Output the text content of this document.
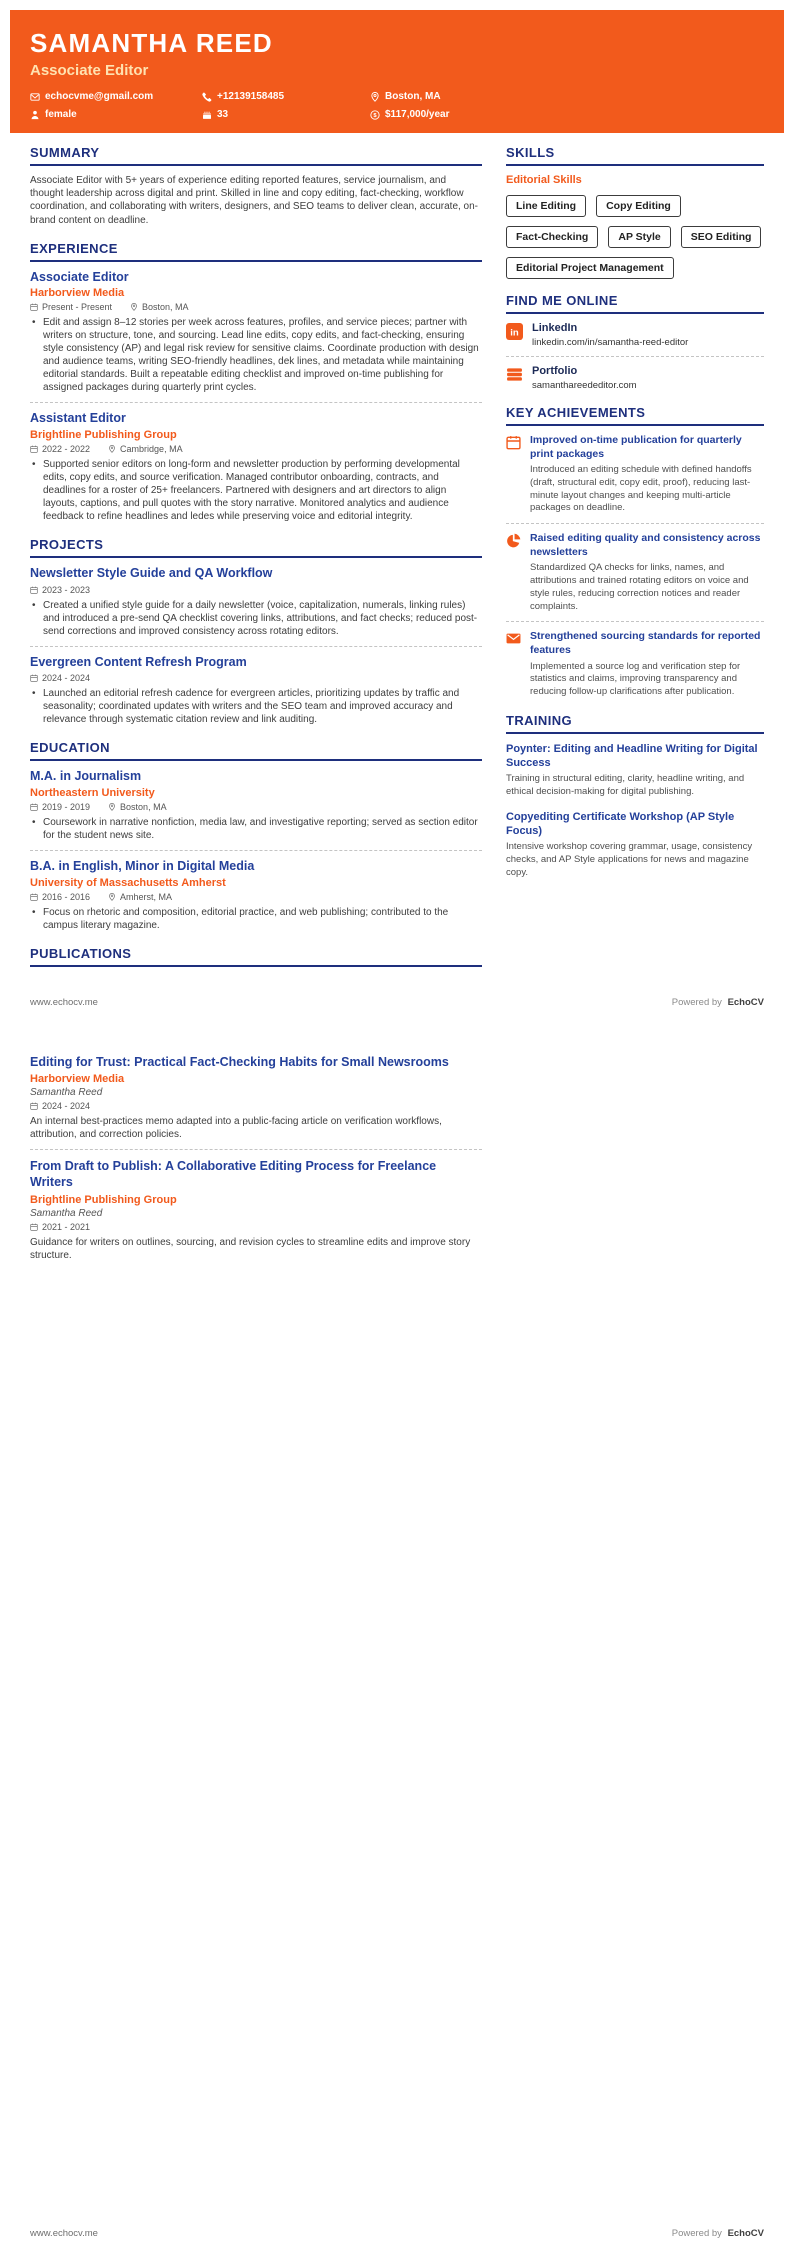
SAMANTHA REED
Associate Editor
echocvme@gmail.com	+12139158485	Boston, MA
female	33	$ $117,000/year
SUMMARY

Associate Editor with 5+ years of experience editing reported features, service journalism, and thought leadership across digital and print. Skilled in line and copy editing, fact-checking, workflow coordination, and collaborating with writers, designers, and SEO teams to deliver clean, accurate, on-brand content on deadline.

EXPERIENCE
Associate Editor
Harborview Media
Present - Present	Boston, MA
• Edit and assign 8–12 stories per week across features, profiles, and service pieces; partner with writers on structure, tone, and sourcing. Lead line edits, copy edits, and fact-checking, ensuring style consistency (AP) and legal risk review for sensitive claims. Coordinate production with design and audience teams, writing SEO-friendly headlines, dek lines, and metadata while maintaining editorial standards. Built a repeatable editing checklist and improved on-time publishing for assigned packages during quarterly print cycles.
Assistant Editor
Brightline Publishing Group
2022 - 2022	Cambridge, MA
• Supported senior editors on long-form and newsletter production by performing developmental edits, copy edits, and source verification. Managed contributor onboarding, contracts, and deadlines for a roster of 25+ freelancers. Partnered with designers and art directors to align layouts, captions, and pull quotes with the story narrative. Monitored analytics and audience feedback to refine headlines and ledes while preserving voice and editorial integrity.
PROJECTS
Newsletter Style Guide and QA Workflow
2023 - 2023
• Created a unified style guide for a daily newsletter (voice, capitalization, numerals, linking rules) and introduced a pre-send QA checklist covering links, attributions, and fact checks; reduced post-send corrections and improved consistency across rotating editors.
Evergreen Content Refresh Program
2024 - 2024
• Launched an editorial refresh cadence for evergreen articles, prioritizing updates by traffic and seasonality; coordinated updates with writers and the SEO team and improved accuracy and relevance through systematic citation review and link auditing.
EDUCATION
M.A. in Journalism
Northeastern University
2019 - 2019	Boston, MA
• Coursework in narrative nonfiction, media law, and investigative reporting; served as section editor for the student news site.
B.A. in English, Minor in Digital Media
University of Massachusetts Amherst
2016 - 2016	Amherst, MA
• Focus on rhetoric and composition, editorial practice, and web publishing; contributed to the campus literary magazine.
PUBLICATIONS
SKILLS
Editorial Skills
Line Editing	Copy Editing
Fact-Checking	AP Style	SEO Editing
Editorial Project Management
FIND ME ONLINE
in LinkedIn
linkedin.com/in/samantha-reed-editor
Portfolio
samanthareededitor.com
KEY ACHIEVEMENTS
Improved on-time publication for quarterly print packages
Introduced an editing schedule with defined handoffs (draft, structural edit, copy edit, proof), reducing last-minute layout changes and keeping multi-article packages on deadline.
Raised editing quality and consistency across newsletters
Standardized QA checks for links, names, and attributions and trained rotating editors on voice and style rules, reducing correction notices and reader complaints.
Strengthened sourcing standards for reported features
Implemented a source log and verification step for statistics and claims, improving transparency and reducing follow-up clarifications after publication.
TRAINING
Poynter: Editing and Headline Writing for Digital Success
Training in structural editing, clarity, headline writing, and ethical decision-making for digital publishing.
Copyediting Certificate Workshop (AP Style Focus)
Intensive workshop covering grammar, usage, consistency checks, and AP Style applications for news and magazine copy.
www.echocv.me	Powered by EchoCV
Editing for Trust: Practical Fact-Checking Habits for Small Newsrooms
Harborview Media
Samantha Reed
2024 - 2024
An internal best-practices memo adapted into a public-facing article on verification workflows, attribution, and correction policies.
From Draft to Publish: A Collaborative Editing Process for Freelance Writers
Brightline Publishing Group
Samantha Reed
2021 - 2021
Guidance for writers on outlines, sourcing, and revision cycles to streamline edits and improve story structure.
www.echocv.me	Powered by EchoCV
